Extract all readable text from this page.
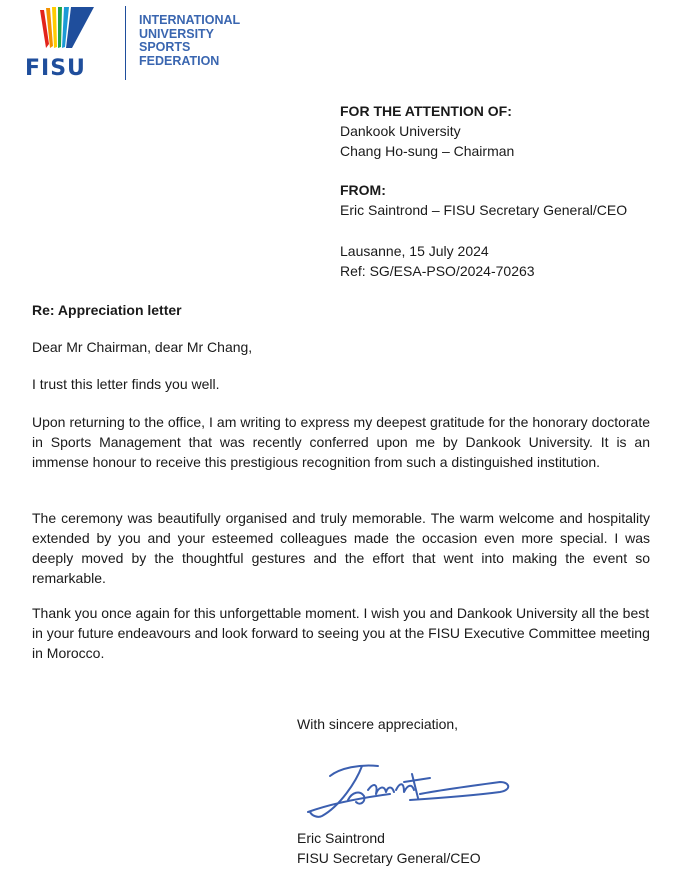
FISU
INTERNATIONAL
UNIVERSITY
SPORTS
FEDERATION
FOR THE ATTENTION OF:
Dankook University
Chang Ho-sung – Chairman
FROM:
Eric Saintrond – FISU Secretary General/CEO
Lausanne, 15 July 2024
Ref: SG/ESA-PSO/2024-70263
Re: Appreciation letter
Dear Mr Chairman, dear Mr Chang,
I trust this letter finds you well.
Upon returning to the office, I am writing to express my deepest gratitude for the honorary doctorate in Sports Management that was recently conferred upon me by Dankook University. It is an immense honour to receive this prestigious recognition from such a distinguished institution.
The ceremony was beautifully organised and truly memorable. The warm welcome and hospitality extended by you and your esteemed colleagues made the occasion even more special. I was deeply moved by the thoughtful gestures and the effort that went into making the event so remarkable.
Thank you once again for this unforgettable moment. I wish you and Dankook University all the best in your future endeavours and look forward to seeing you at the FISU Executive Committee meeting in Morocco.
With sincere appreciation,
Eric Saintrond
FISU Secretary General/CEO
